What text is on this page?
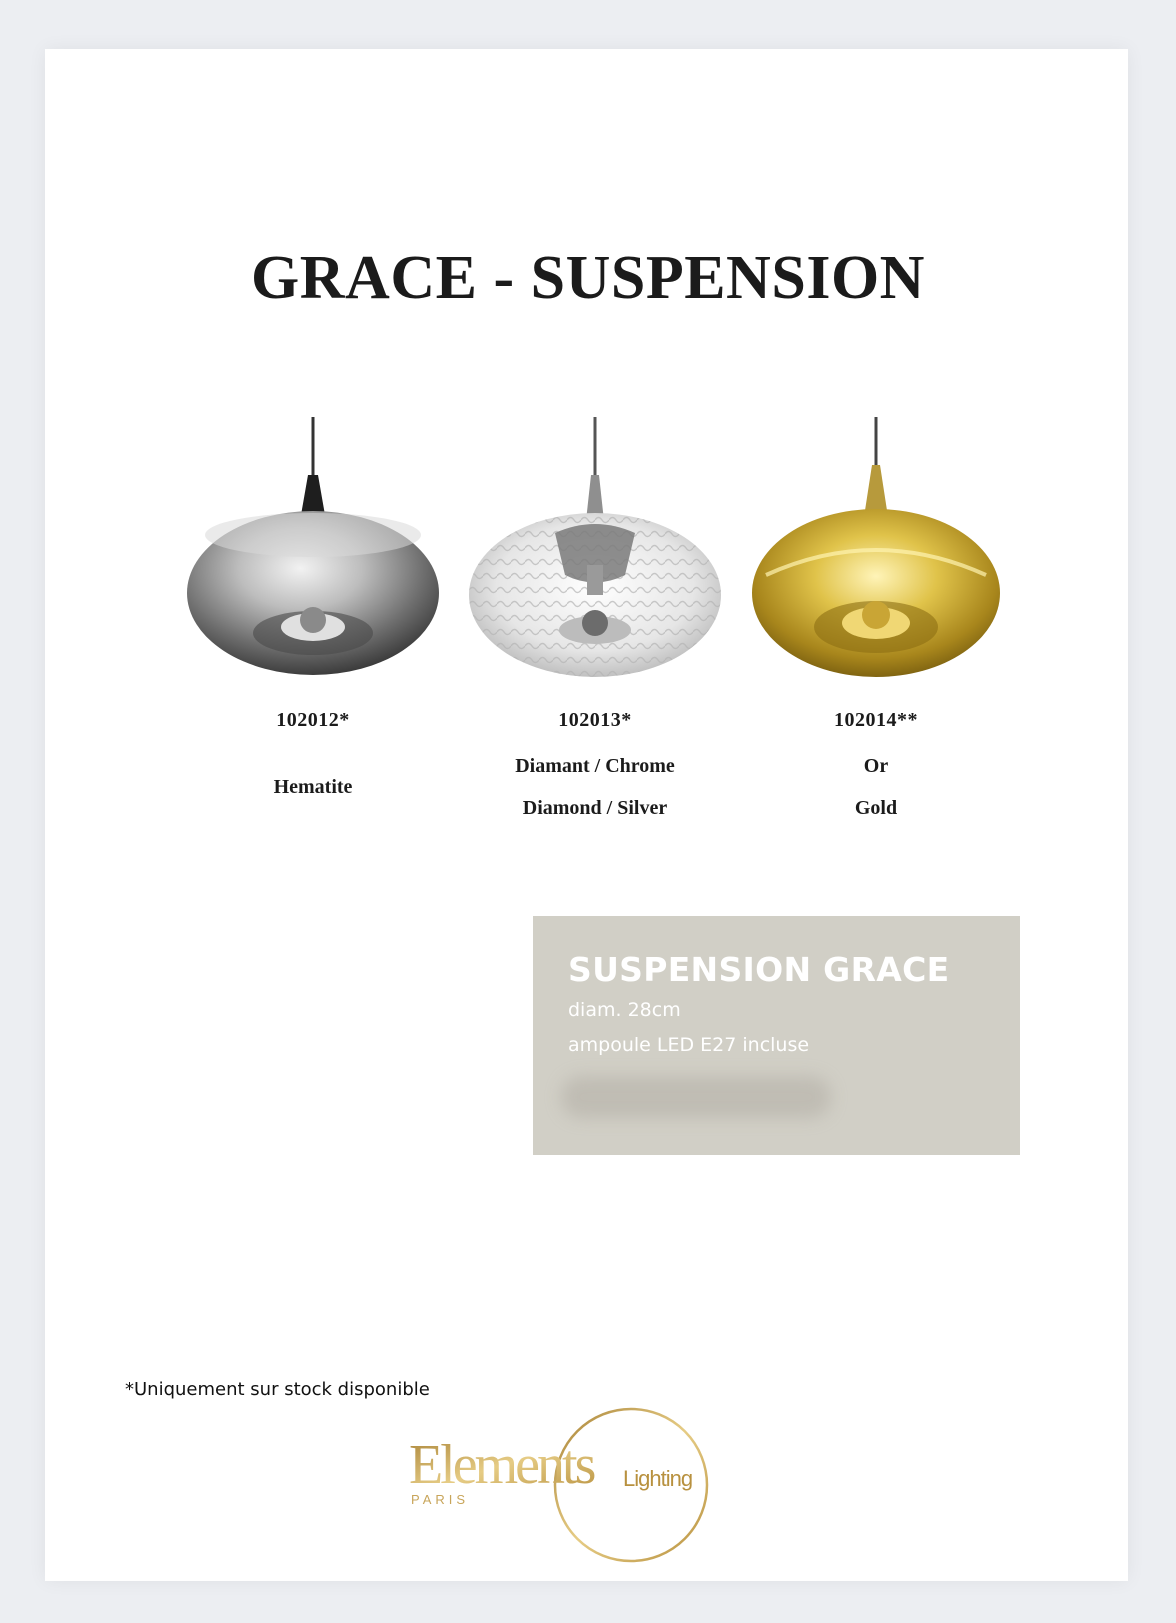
GRACE - SUSPENSION
102012*
Hematite
102013*
Diamant / Chrome
Diamond / Silver
102014**
Or
Gold
SUSPENSION GRACE
diam. 28cm
ampoule LED E27 incluse
*Uniquement sur stock disponible
Elements Lighting
PARIS
